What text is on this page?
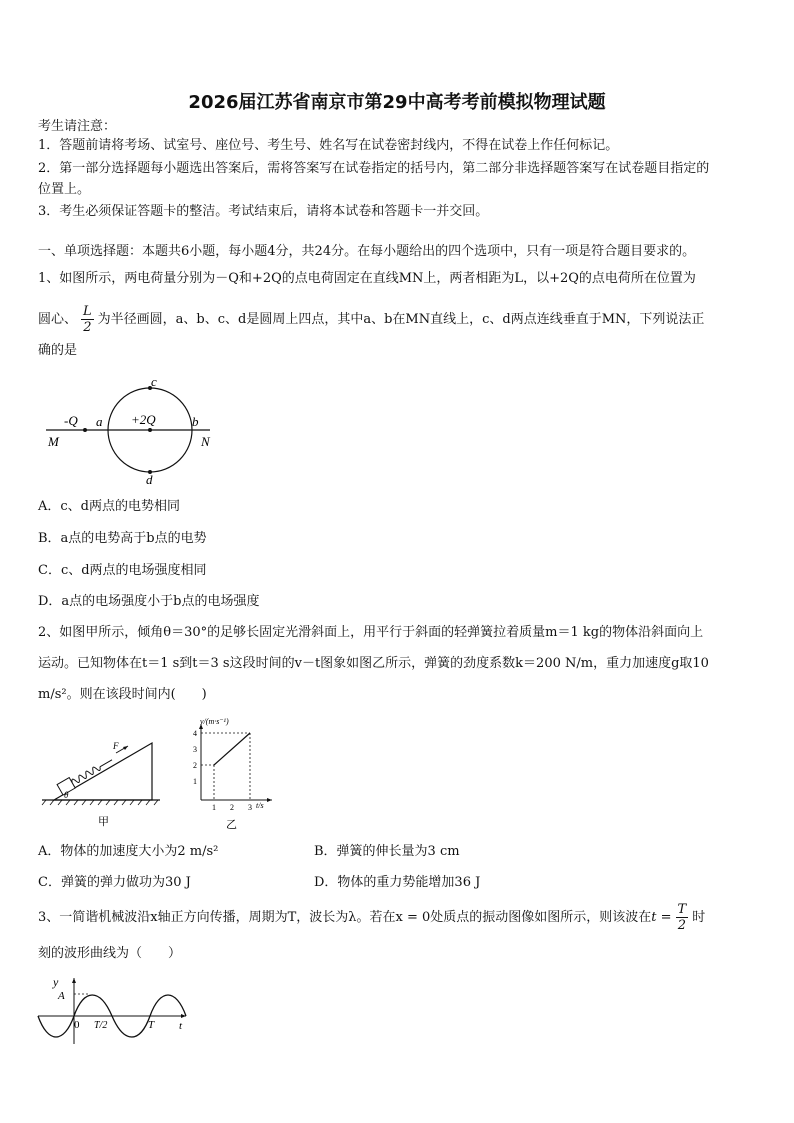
2026届江苏省南京市第29中高考考前模拟物理试题
考生请注意：
1．答题前请将考场、试室号、座位号、考生号、姓名写在试卷密封线内，不得在试卷上作任何标记。
2．第一部分选择题每小题选出答案后，需将答案写在试卷指定的括号内，第二部分非选择题答案写在试卷题目指定的
位置上。
3．考生必须保证答题卡的整洁。考试结束后，请将本试卷和答题卡一并交回。
一、单项选择题：本题共6小题，每小题4分，共24分。在每小题给出的四个选项中，只有一项是符合题目要求的。
1、如图所示，两电荷量分别为－Q和+2Q的点电荷固定在直线MN上，两者相距为L，以+2Q的点电荷所在位置为
圆心、 $\frac{L}{2}$ 为半径画圆，a、b、c、d是圆周上四点，其中a、b在MN直线上，c、d两点连线垂直于MN，下列说法正
确的是
c
d
a	b
-Q	+2Q
M	N
A．c、d两点的电势相同
B．a点的电势高于b点的电势
C．c、d两点的电场强度相同
D．a点的电场强度小于b点的电场强度
2、如图甲所示，倾角θ＝30°的足够长固定光滑斜面上，用平行于斜面的轻弹簧拉着质量m＝1 kg的物体沿斜面向上
运动。已知物体在t＝1 s到t＝3 s这段时间的v－t图象如图乙所示，弹簧的劲度系数k＝200 N/m，重力加速度g取10
m/s²。则在该段时间内(　　)
F
θ
甲
v/(m·s⁻¹)
t/s
4
3
2
1
1 2 3
乙
A．物体的加速度大小为2 m/s²	B．弹簧的伸长量为3 cm
C．弹簧的弹力做功为30 J	D．物体的重力势能增加36 J
3、一简谐机械波沿x轴正方向传播，周期为T，波长为λ。若在x = 0处质点的振动图像如图所示，则该波在$t = \frac{T}{2}$ 时
刻的波形曲线为（　　）
y
A
0 T/2	T t
